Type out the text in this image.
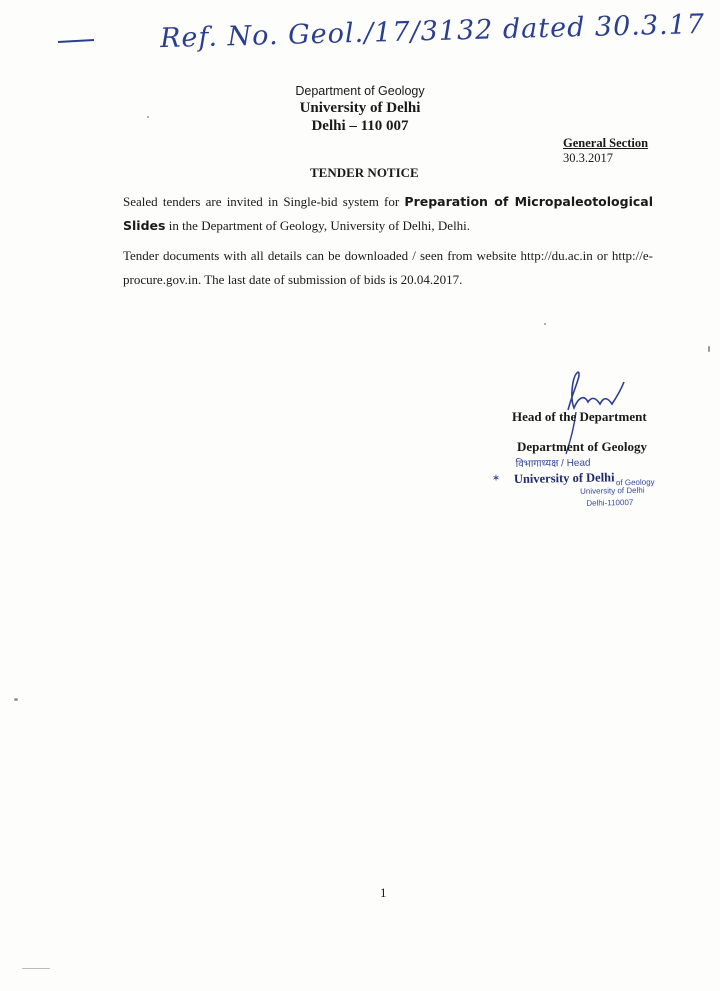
Ref. No. Geol./17/3132 dated 30.3.17
Department of Geology
University of Delhi
Delhi – 110 007
General Section
30.3.2017
TENDER NOTICE
Sealed tenders are invited in Single-bid system for Preparation of Micropaleotological Slides in the Department of Geology, University of Delhi, Delhi.
Tender documents with all details can be downloaded / seen from website http://du.ac.in or http://e-procure.gov.in. The last date of submission of bids is 20.04.2017.
Head of the Department
Department of Geology
विभागाध्यक्ष / Head
✶ University of Delhi of Geology
University of Delhi
Delhi-110007
1
